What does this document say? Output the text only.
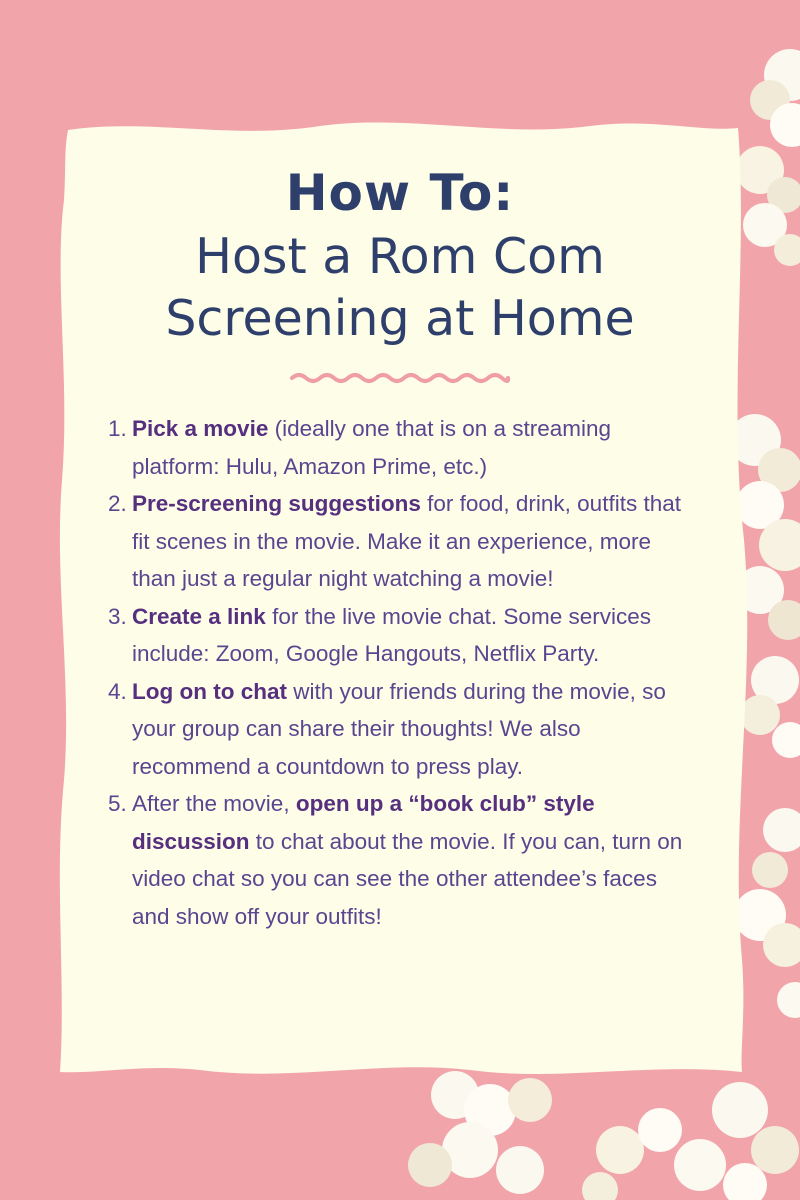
How To:
Host a Rom Com
Screening at Home
1. Pick a movie (ideally one that is on a streaming platform: Hulu, Amazon Prime, etc.)
2. Pre-screening suggestions for food, drink, outfits that fit scenes in the movie. Make it an experience, more than just a regular night watching a movie!
3. Create a link for the live movie chat. Some services include: Zoom, Google Hangouts, Netflix Party.
4. Log on to chat with your friends during the movie, so your group can share their thoughts! We also recommend a countdown to press play.
5. After the movie, open up a “book club” style discussion to chat about the movie. If you can, turn on video chat so you can see the other attendee’s faces and show off your outfits!
